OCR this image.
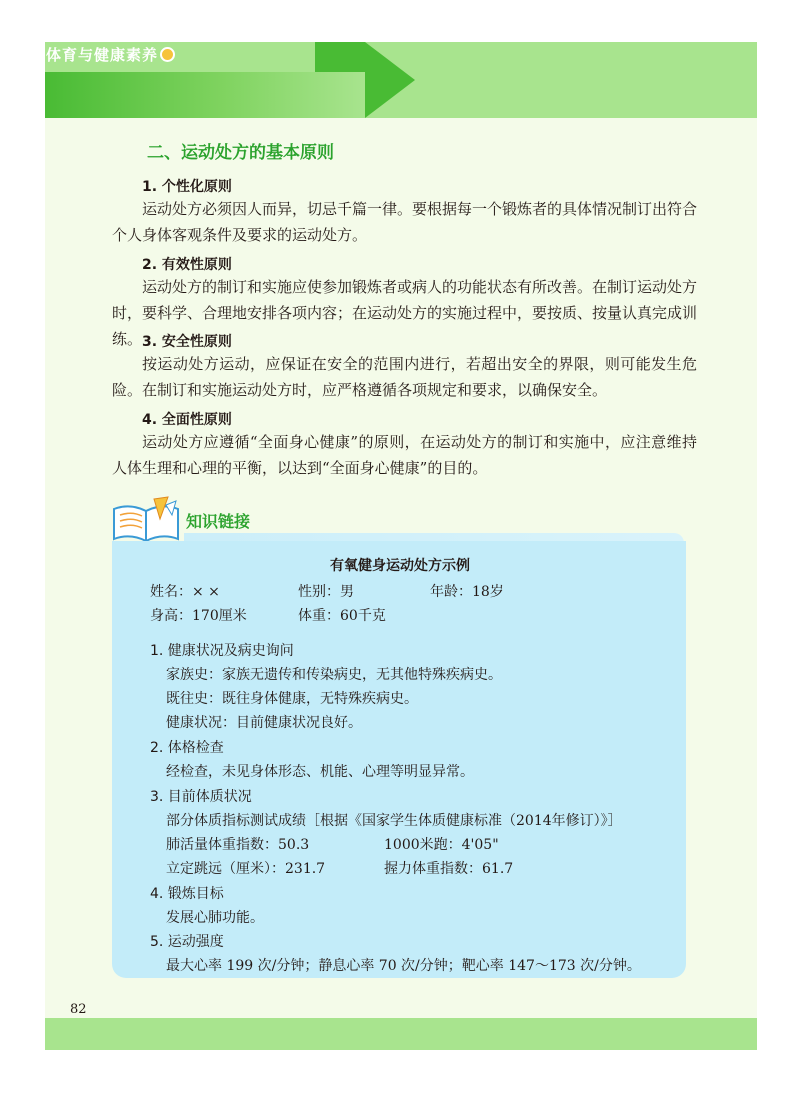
体育与健康素养
二、运动处方的基本原则
1. 个性化原则
运动处方必须因人而异，切忌千篇一律。要根据每一个锻炼者的具体情况制订出符合个人身体客观条件及要求的运动处方。
2. 有效性原则
运动处方的制订和实施应使参加锻炼者或病人的功能状态有所改善。在制订运动处方时，要科学、合理地安排各项内容；在运动处方的实施过程中，要按质、按量认真完成训练。 3. 安全性原则
按运动处方运动，应保证在安全的范围内进行，若超出安全的界限，则可能发生危险。在制订和实施运动处方时，应严格遵循各项规定和要求，以确保安全。
4. 全面性原则
运动处方应遵循“全面身心健康”的原则，在运动处方的制订和实施中，应注意维持人体生理和心理的平衡，以达到“全面身心健康”的目的。
知识链接
有氧健身运动处方示例
姓名：× ×	性别：男	年龄：18岁
身高：170厘米	体重：60千克
1. 健康状况及病史询问
家族史：家族无遗传和传染病史，无其他特殊疾病史。
既往史：既往身体健康，无特殊疾病史。
健康状况：目前健康状况良好。
2. 体格检查
经检查，未见身体形态、机能、心理等明显异常。
3. 目前体质状况
部分体质指标测试成绩［根据《国家学生体质健康标准（2014年修订）》］
肺活量体重指数：50.3	1000米跑：4'05"
立定跳远（厘米）：231.7	握力体重指数：61.7
4. 锻炼目标
发展心肺功能。
5. 运动强度
最大心率 199 次/分钟；静息心率 70 次/分钟；靶心率 147～173 次/分钟。
82
